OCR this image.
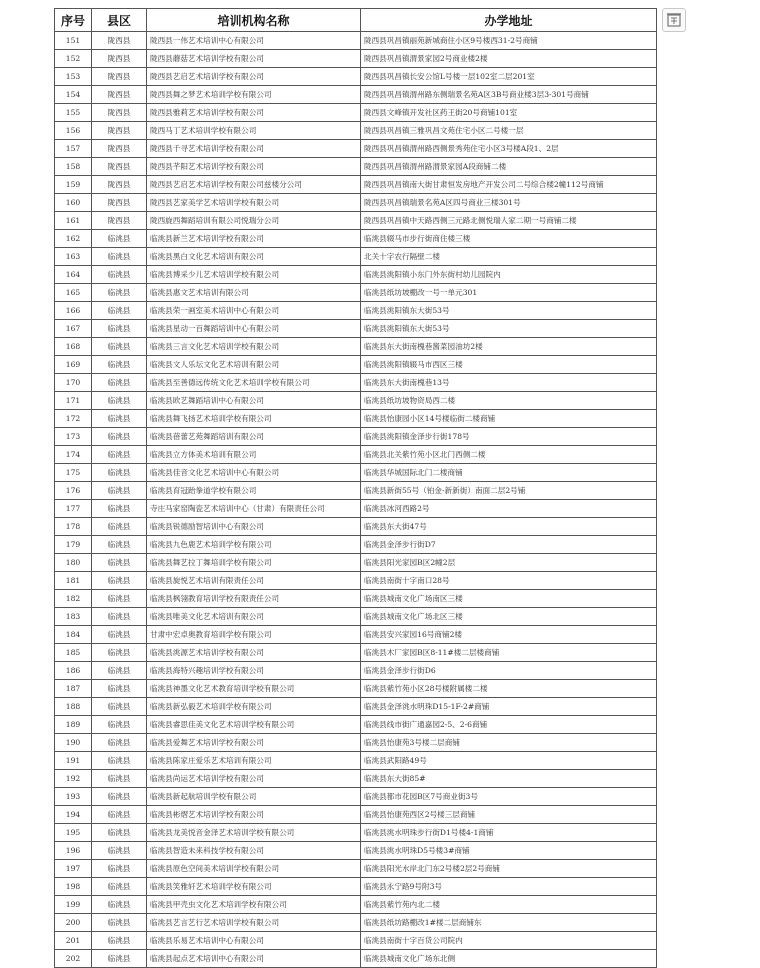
序号	县区	培训机构名称	办学地址
151	陇西县	陇西县一伟艺术培训中心有限公司	陇西县巩昌镇丽苑新城商住小区9号楼西31-2号商铺
152	陇西县	陇西县蘑菇艺术培训学校有限公司	陇西县巩昌镇渭景家园2号商业楼2楼
153	陇西县	陇西县艺启艺术培训学校有限公司	陇西县巩昌镇长安公馆L号楼一层102室二层201室
154	陇西县	陇西县舞之梦艺术培训学校有限公司	陇西县巩昌镇渭州路东侧瑞景名苑A区3B号商业楼3层3-301号商铺
155	陇西县	陇西县雅莉艺术培训学校有限公司	陇西县文峰镇开发社区药王街20号商铺101室
156	陇西县	陇西马丁艺术培训学校有限公司	陇西县巩昌镇三雅巩昌文苑住宅小区二号楼一层
157	陇西县	陇西县千寻艺术培训学校有限公司	陇西县巩昌镇渭州路西侧景秀苑住宅小区3号楼A段1、2层
158	陇西县	陇西县芊阳艺术培训学校有限公司	陇西县巩昌镇渭州路渭景家园A段商铺二楼
159	陇西县	陇西县艺启艺术培训学校有限公司兹楼分公司	陇西县巩昌镇南大街甘肃恒发房地产开发公司二号综合楼2幢112号商铺
160	陇西县	陇西县艺家美学艺术培训学校有限公司	陇西县巩昌镇瑞景名苑A区四号商业三楼301号
161	陇西县	陇西旋西舞蹈培训有限公司悦瑞分公司	陇西县巩昌镇中天路西侧三元路北侧悦瑞人家二期一号商铺二楼
162	临洮县	临洮县新兰艺术培训学校有限公司	临洮县辍马市步行街商住楼三楼
163	临洮县	临洮县黑白文化艺术培训有限公司	北关十字农行隔壁二楼
164	临洮县	临洮县博采少儿艺术培训学校有限公司	临洮县洮阳镇小东门外东街村幼儿园院内
165	临洮县	临洮县惠文艺术培训有限公司	临洮县纸坊坡棚改一号一单元301
166	临洮县	临洮县荣一画室美术培训中心有限公司	临洮县洮阳镇东大街53号
167	临洮县	临洮县星动一百舞蹈培训中心有限公司	临洮县洮阳镇东大街53号
168	临洮县	临洮县三言文化艺术培训学校有限公司	临洮县东大街南槐巷酱菜园油坊2楼
169	临洮县	临洮县文人乐坛文化艺术培训有限公司	临洮县洮阳镇辍马市西区三楼
170	临洮县	临洮县至善德远传统文化艺术培训学校有限公司	临洮县东大街南槐巷13号
171	临洮县	临洮县欧艺舞蹈培训中心有限公司	临洮县纸坊坡物资局西二楼
172	临洮县	临洮县舞飞扬艺术培训学校有限公司	临洮县怡康园小区14号楼临街二楼商铺
173	临洮县	临洮县蓓蕾艺苑舞蹈培训有限公司	临洮县洮阳镇金泽步行街178号
174	临洮县	临洮县立方体美术培训有限公司	临洮县北关紫竹苑小区北门西侧二楼
175	临洮县	临洮县佳音文化艺术培训中心有限公司	临洮县华城国际北门二楼商铺
176	临洮县	临洮县育冠跆拳道学校有限公司	临洮县新街55号（铂金-新新街）南面二层2号铺
177	临洮县	寺庄马家窑陶瓷艺术培训中心（甘肃）有限责任公司	临洮县冰河西路2号
178	临洮县	临洮县锐德励智培训中心有限公司	临洮县东大街47号
179	临洮县	临洮县九色鹿艺术培训学校有限公司	临洮县金泽步行街D7
180	临洮县	临洮县舞艺拉丁舞培训学校有限公司	临洮县阳光家园B区2幢2层
181	临洮县	临洮县旋悦艺术培训有限责任公司	临洮县南街十字南口28号
182	临洮县	临洮县枫翎教育培训学校有限责任公司	临洮县城南文化广场南区三楼
183	临洮县	临洮县唯美文化艺术培训有限公司	临洮县城南文化广场北区三楼
184	临洮县	甘肃中宏卓奥教育培训学校有限公司	临洮县安兴家园16号商铺2楼
185	临洮县	临洮县洮源艺术培训学校有限公司	临洮县木厂家园B区8-11#楼二层楼商铺
186	临洮县	临洮县海特兴趣培训学校有限公司	临洮县金泽步行街D6
187	临洮县	临洮县神墨文化艺术教育培训学校有限公司	临洮县紫竹苑小区28号楼附属楼二楼
188	临洮县	临洮县新弘毅艺术培训学校有限公司	临洮县金泽洮水明珠D15-1F-2#商铺
189	临洮县	临洮县睿思佳美文化艺术培训学校有限公司	临洮县线市街广通嘉园2-5、2-6商铺
190	临洮县	临洮县爱舞艺术培训学校有限公司	临洮县怡康苑3号楼二层商铺
191	临洮县	临洮县陈家庄爱乐艺术培训有限公司	临洮县武阳路49号
192	临洮县	临洮县尚运艺术培训学校有限公司	临洮县东大街85#
193	临洮县	临洮县新起航培训学校有限公司	临洮县都市花园B区7号商业街3号
194	临洮县	临洮县彬熠艺术培训学校有限公司	临洮县怡康苑西区2号楼三层商铺
195	临洮县	临洮县龙美悦音金泽艺术培训学校有限公司	临洮县洮水明珠步行街D1号楼4-1商铺
196	临洮县	临洮县智造未来科技学校有限公司	临洮县洮水明珠D5号楼3#商铺
197	临洮县	临洮县原色空间美术培训学校有限公司	临洮县阳光水岸北门东2号楼2层2号商铺
198	临洮县	临洮县笑雅轩艺术培训学校有限公司	临洮县永宁路9号附3号
199	临洮县	临洮县甲壳虫文化艺术培训学校有限公司	临洮县紫竹苑内北二楼
200	临洮县	临洮县艺言艺行艺术培训学校有限公司	临洮县纸坊路棚改1#楼二层商铺东
201	临洮县	临洮县乐易艺术培训中心有限公司	临洮县南街十字百货公司院内
202	临洮县	临洮县起点艺术培训中心有限公司	临洮县城南文化广场东北侧
